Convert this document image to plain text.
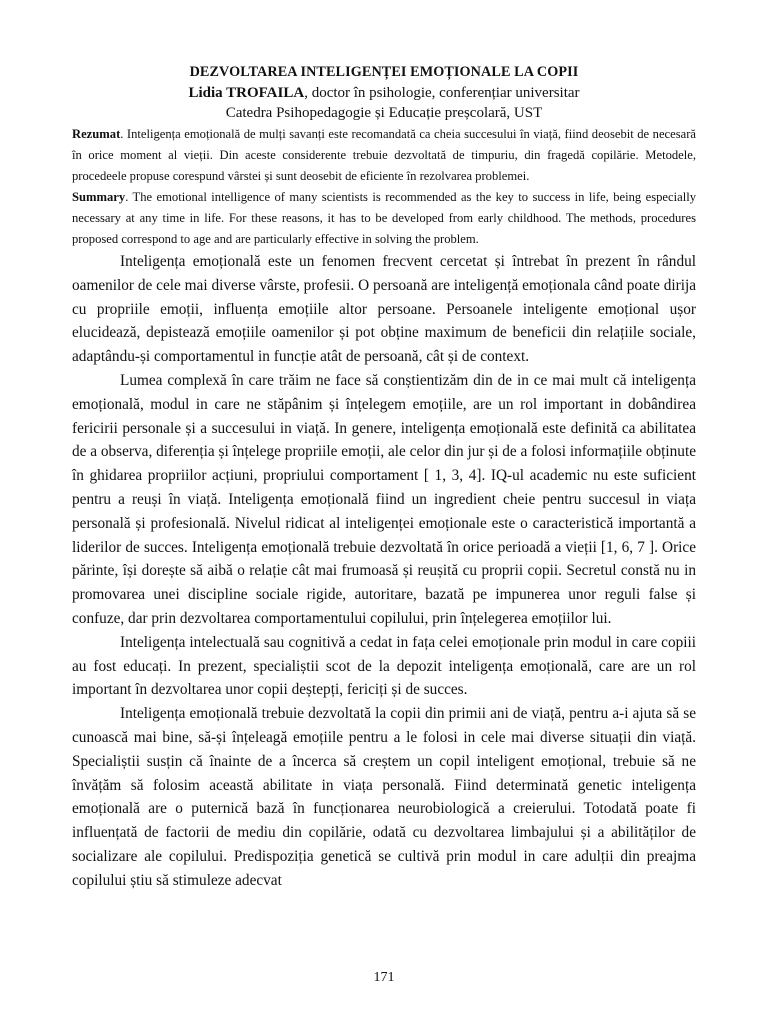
DEZVOLTAREA INTELIGENȚEI EMOȚIONALE LA COPII

Lidia TROFAILA, doctor în psihologie, conferențiar universitar

Catedra Psihopedagogie și Educație preșcolară, UST

Rezumat. Inteligența emoțională de mulți savanți este recomandată ca cheia succesului în viață, fiind deosebit de necesară în orice moment al vieții. Din aceste considerente trebuie dezvoltată de timpuriu, din fragedă copilărie. Metodele, procedeele propuse corespund vârstei și sunt deosebit de eficiente în rezolvarea problemei.

Summary. The emotional intelligence of many scientists is recommended as the key to success in life, being especially necessary at any time in life. For these reasons, it has to be developed from early childhood. The methods, procedures proposed correspond to age and are particularly effective in solving the problem.

Inteligența emoțională este un fenomen frecvent cercetat și întrebat în prezent în rândul oamenilor de cele mai diverse vârste, profesii. O persoană are inteligență emoționala când poate dirija cu propriile emoții, influența emoțiile altor persoane. Persoanele inteligente emoțional ușor elucidează, depistează emoțiile oamenilor și pot obține maximum de beneficii din relațiile sociale, adaptându-și comportamentul in funcție atât de persoană, cât și de context.

Lumea complexă în care trăim ne face să conștientizăm din de in ce mai mult că inteligența emoțională, modul in care ne stăpânim și înțelegem emoțiile, are un rol important in dobândirea fericirii personale și a succesului in viață. In genere, inteligența emoțională este definită ca abilitatea de a observa, diferenția și înțelege propriile emoții, ale celor din jur și de a folosi informațiile obținute în ghidarea propriilor acțiuni, propriului comportament [ 1, 3, 4]. IQ-ul academic nu este suficient pentru a reuși în viață. Inteligența emoțională fiind un ingredient cheie pentru succesul in viața personală și profesională. Nivelul ridicat al inteligenței emoționale este o caracteristică importantă a liderilor de succes. Inteligența emoțională trebuie dezvoltată în orice perioadă a vieții [1, 6, 7 ]. Orice părinte, își dorește să aibă o relație cât mai frumoasă și reușită cu proprii copii. Secretul constă nu in promovarea unei discipline sociale rigide, autoritare, bazată pe impunerea unor reguli false și confuze, dar prin dezvoltarea comportamentului copilului, prin înțelegerea emoțiilor lui.

Inteligența intelectuală sau cognitivă a cedat in fața celei emoționale prin modul in care copiii au fost educați. In prezent, specialiștii scot de la depozit inteligența emoțională, care are un rol important în dezvoltarea unor copii deștepți, fericiți și de succes.

Inteligența emoțională trebuie dezvoltată la copii din primii ani de viață, pentru a-i ajuta să se cunoască mai bine, să-și înțeleagă emoțiile pentru a le folosi in cele mai diverse situații din viață. Specialiștii susțin că înainte de a încerca să creștem un copil inteligent emoțional, trebuie să ne învățăm să folosim această abilitate in viața personală. Fiind determinată genetic inteligența emoțională are o puternică bază în funcționarea neurobiologică a creierului. Totodată poate fi influențată de factorii de mediu din copilărie, odată cu dezvoltarea limbajului și a abilităților de socializare ale copilului. Predispoziția genetică se cultivă prin modul in care adulții din preajma copilului știu să stimuleze adecvat

171
